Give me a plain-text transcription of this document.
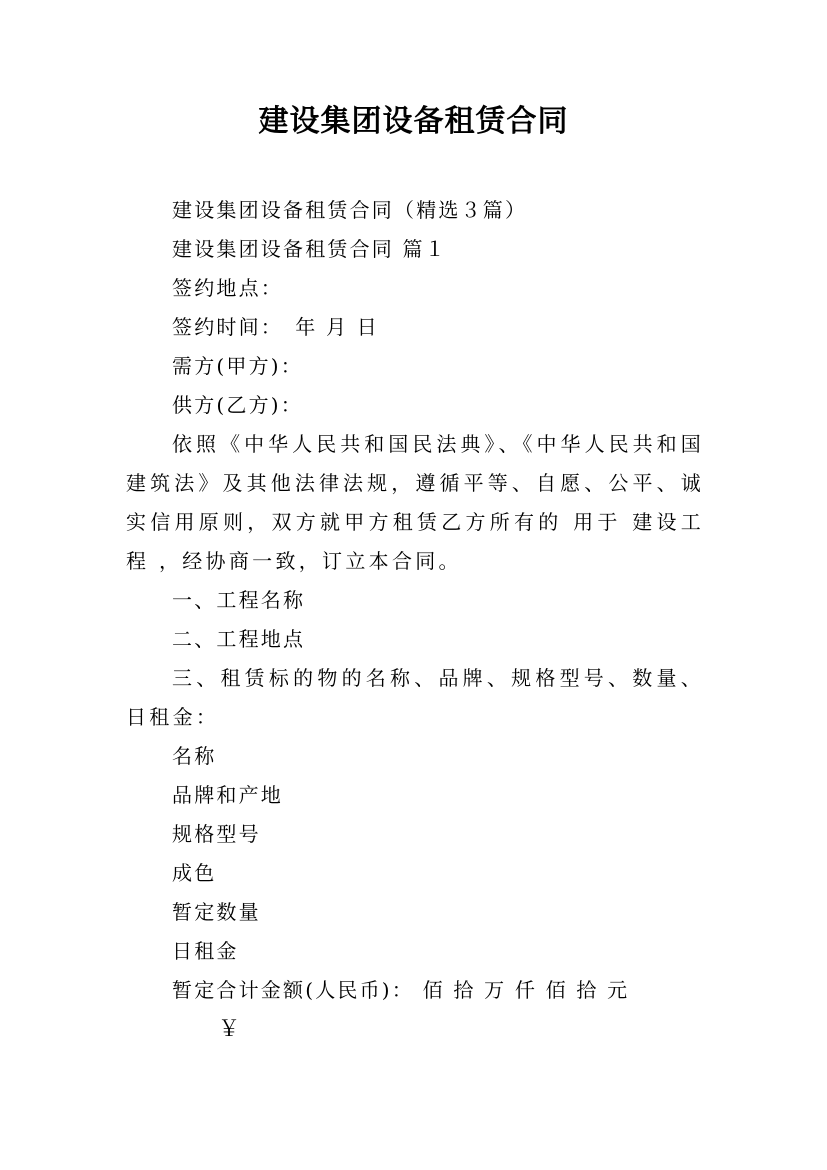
建设集团设备租赁合同

建设集团设备租赁合同（精选３篇）

建设集团设备租赁合同 篇１

签约地点：

签约时间：　年 月 日

需方(甲方)：

供方(乙方)：

依照《中华人民共和国民法典》、《中华人民共和国建筑法》及其他法律法规，遵循平等、自愿、公平、诚实信用原则，双方就甲方租赁乙方所有的 用于 建设工程 ，经协商一致，订立本合同。

一、工程名称

二、工程地点

三、租赁标的物的名称、品牌、规格型号、数量、日租金：

名称

品牌和产地

规格型号

成色

暂定数量

日租金

暂定合计金额(人民币)： 佰 拾 万 仟 佰 拾 元

￥
